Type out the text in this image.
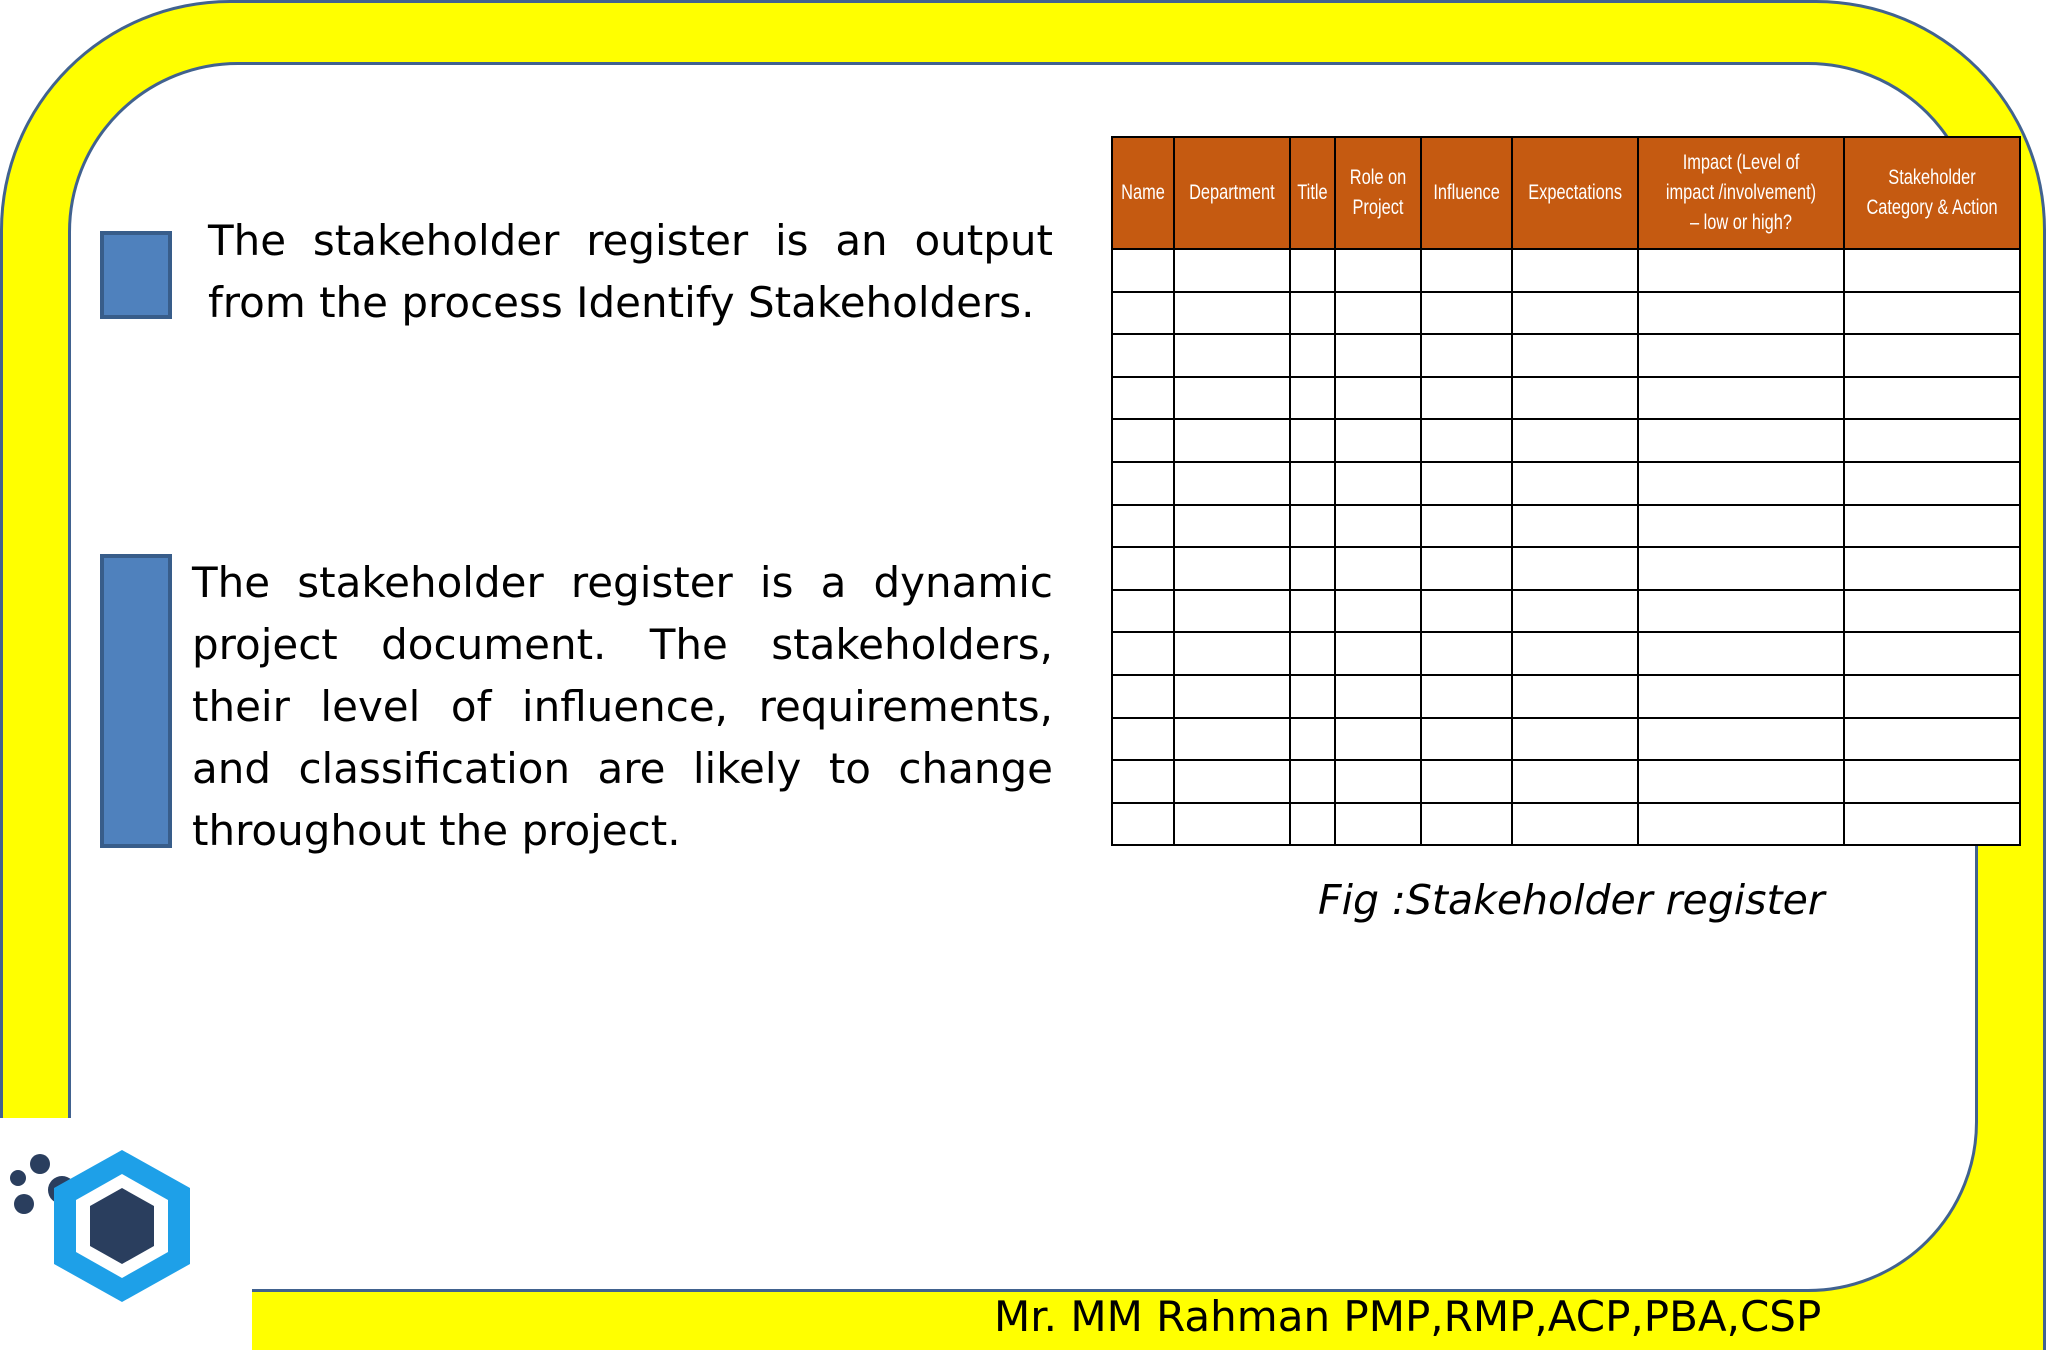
The stakeholder register is an output from the process Identify Stakeholders.
The stakeholder register is a dynamic project document. The stakeholders, their level of influence, requirements, and classification are likely to change throughout the project.
Name	Department	Title	Role on Project	Influence	Expectations	Impact (Level of impact /involvement) – low or high?	Stakeholder Category & Action

Fig :Stakeholder register
Mr. MM Rahman PMP,RMP,ACP,PBA,CSP
